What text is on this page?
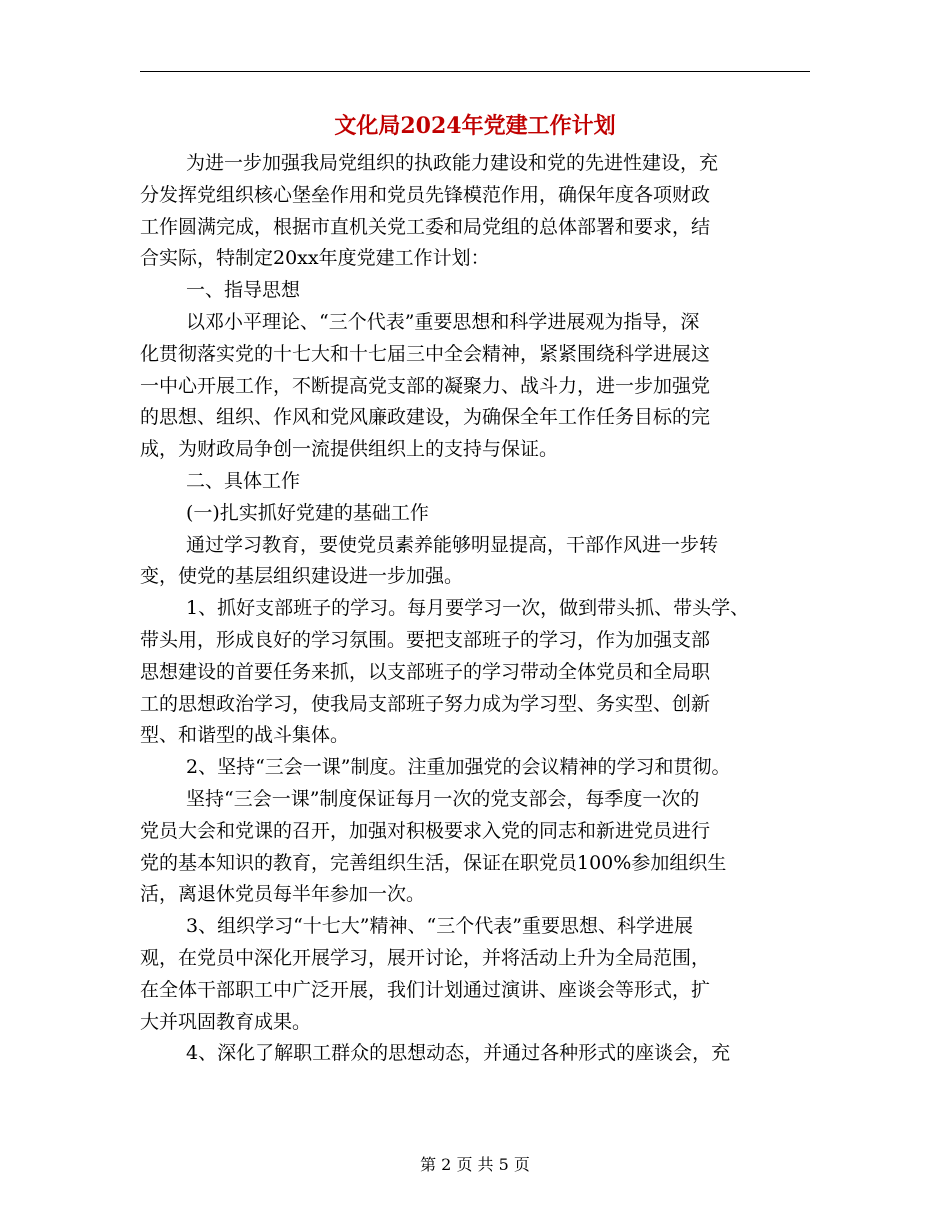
文化局2024年党建工作计划
为进一步加强我局党组织的执政能力建设和党的先进性建设，充
分发挥党组织核心堡垒作用和党员先锋模范作用，确保年度各项财政
工作圆满完成，根据市直机关党工委和局党组的总体部署和要求，结
合实际，特制定20xx年度党建工作计划：
一、指导思想
以邓小平理论、“三个代表”重要思想和科学进展观为指导，深
化贯彻落实党的十七大和十七届三中全会精神，紧紧围绕科学进展这
一中心开展工作，不断提高党支部的凝聚力、战斗力，进一步加强党
的思想、组织、作风和党风廉政建设，为确保全年工作任务目标的完
成，为财政局争创一流提供组织上的支持与保证。
二、具体工作
(一)扎实抓好党建的基础工作
通过学习教育，要使党员素养能够明显提高，干部作风进一步转
变，使党的基层组织建设进一步加强。
1、抓好支部班子的学习。每月要学习一次，做到带头抓、带头学、
带头用，形成良好的学习氛围。要把支部班子的学习，作为加强支部
思想建设的首要任务来抓，以支部班子的学习带动全体党员和全局职
工的思想政治学习，使我局支部班子努力成为学习型、务实型、创新
型、和谐型的战斗集体。
2、坚持“三会一课”制度。注重加强党的会议精神的学习和贯彻。
坚持“三会一课”制度保证每月一次的党支部会，每季度一次的
党员大会和党课的召开，加强对积极要求入党的同志和新进党员进行
党的基本知识的教育，完善组织生活，保证在职党员100%参加组织生
活，离退休党员每半年参加一次。
3、组织学习“十七大”精神、“三个代表”重要思想、科学进展
观，在党员中深化开展学习，展开讨论，并将活动上升为全局范围，
在全体干部职工中广泛开展，我们计划通过演讲、座谈会等形式，扩
大并巩固教育成果。
4、深化了解职工群众的思想动态，并通过各种形式的座谈会，充
第 2 页 共 5 页
